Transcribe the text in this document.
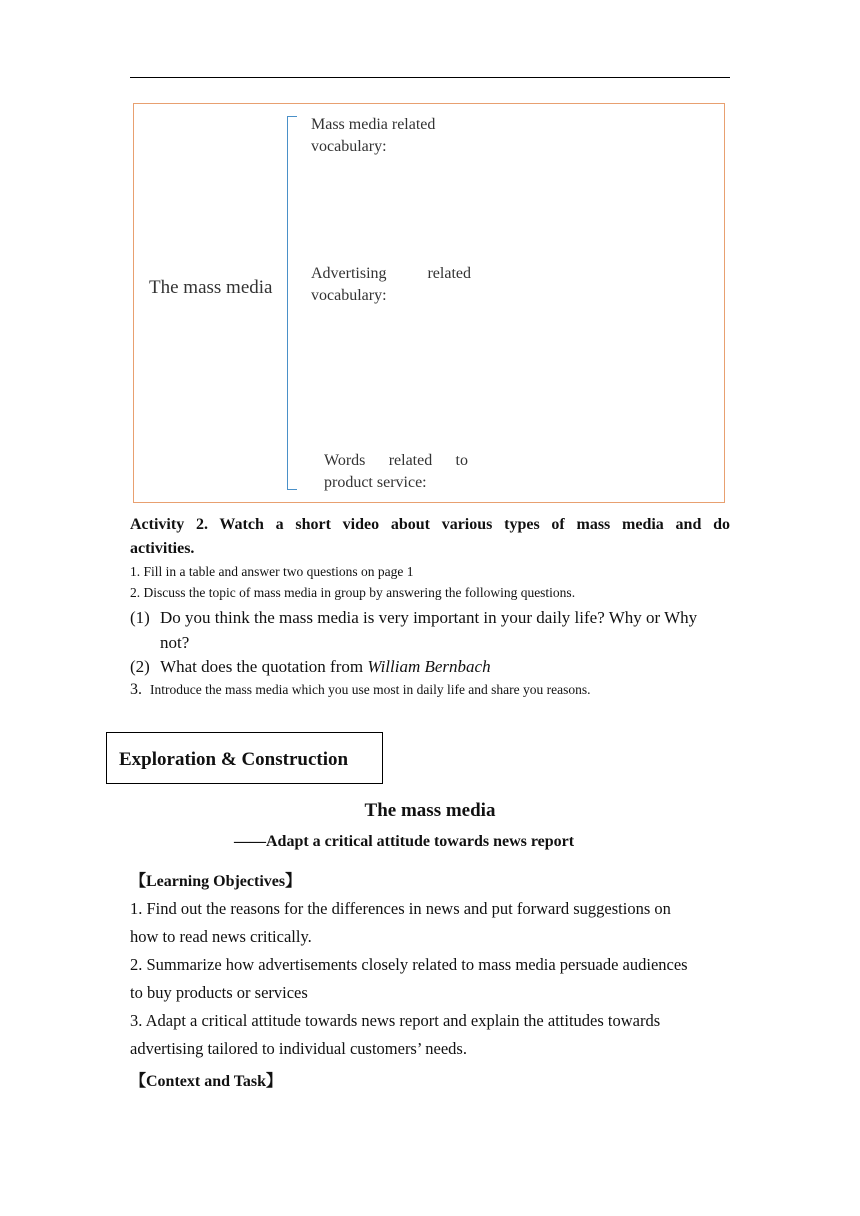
The mass media
Mass media related
vocabulary:
Advertising related
vocabulary:
Words related to
product service:
Activity 2. Watch a short video about various types of mass media and do
activities.
1. Fill in a table and answer two questions on page 1
2. Discuss the topic of mass media in group by answering the following questions.
(1) Do you think the mass media is very important in your daily life? Why or Why not?
(2) What does the quotation from William Bernbach
3. Introduce the mass media which you use most in daily life and share you reasons.
Exploration & Construction
The mass media
——Adapt a critical attitude towards news report
【Learning Objectives】
1. Find out the reasons for the differences in news and put forward suggestions on
how to read news critically.
2. Summarize how advertisements closely related to mass media persuade audiences
to buy products or services
3. Adapt a critical attitude towards news report and explain the attitudes towards
advertising tailored to individual customers’ needs.
【Context and Task】
